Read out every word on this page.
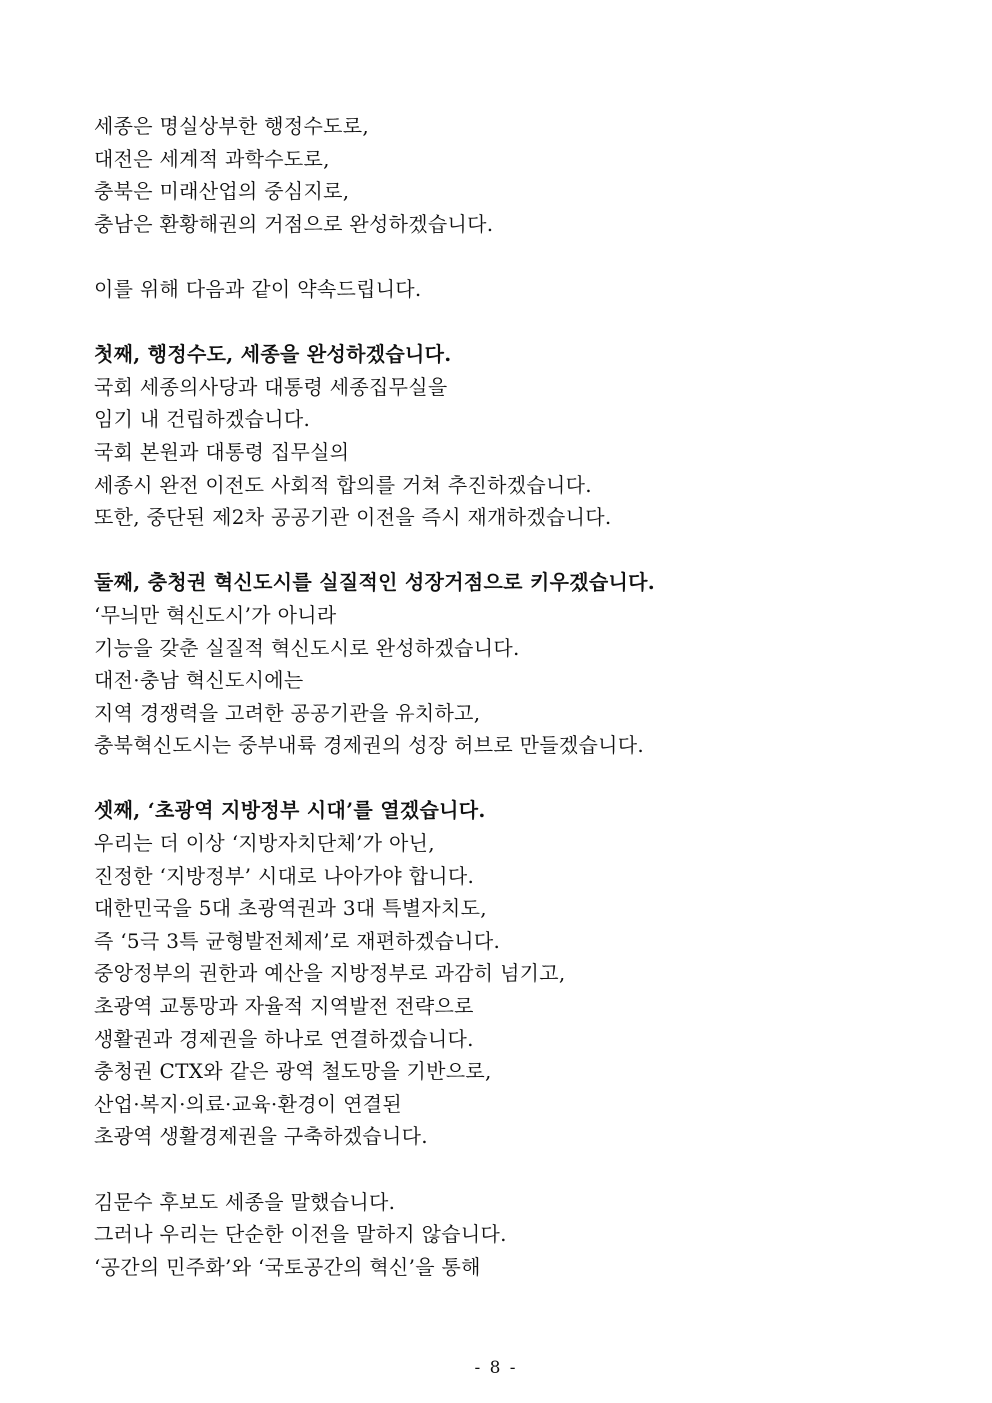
세종은 명실상부한 행정수도로,
대전은 세계적 과학수도로,
충북은 미래산업의 중심지로,
충남은 환황해권의 거점으로 완성하겠습니다.
이를 위해 다음과 같이 약속드립니다.
첫째, 행정수도, 세종을 완성하겠습니다.
국회 세종의사당과 대통령 세종집무실을
임기 내 건립하겠습니다.
국회 본원과 대통령 집무실의
세종시 완전 이전도 사회적 합의를 거쳐 추진하겠습니다.
또한, 중단된 제2차 공공기관 이전을 즉시 재개하겠습니다.
둘째, 충청권 혁신도시를 실질적인 성장거점으로 키우겠습니다.
‘무늬만 혁신도시’가 아니라
기능을 갖춘 실질적 혁신도시로 완성하겠습니다.
대전·충남 혁신도시에는
지역 경쟁력을 고려한 공공기관을 유치하고,
충북혁신도시는 중부내륙 경제권의 성장 허브로 만들겠습니다.
셋째, ‘초광역 지방정부 시대’를 열겠습니다.
우리는 더 이상 ‘지방자치단체’가 아닌,
진정한 ‘지방정부’ 시대로 나아가야 합니다.
대한민국을 5대 초광역권과 3대 특별자치도,
즉 ‘5극 3특 균형발전체제’로 재편하겠습니다.
중앙정부의 권한과 예산을 지방정부로 과감히 넘기고,
초광역 교통망과 자율적 지역발전 전략으로
생활권과 경제권을 하나로 연결하겠습니다.
충청권 CTX와 같은 광역 철도망을 기반으로,
산업·복지·의료·교육·환경이 연결된
초광역 생활경제권을 구축하겠습니다.
김문수 후보도 세종을 말했습니다.
그러나 우리는 단순한 이전을 말하지 않습니다.
‘공간의 민주화’와 ‘국토공간의 혁신’을 통해
- 8 -
